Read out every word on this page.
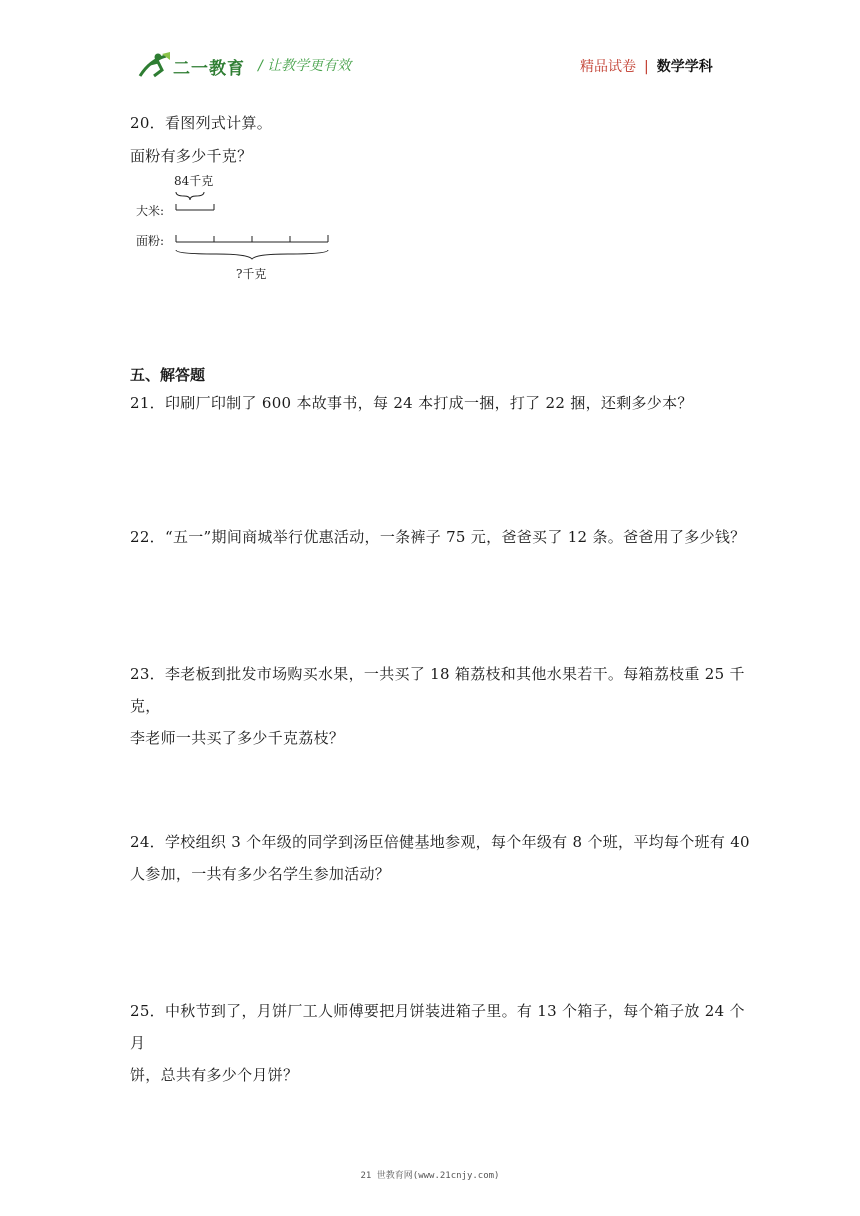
二一教育 / 让教学更有效	精品试卷 | 数学学科
20．看图列式计算。
面粉有多少千克？
84千克
大米:
面粉:
?千克
五、解答题
21．印刷厂印制了 600 本故事书，每 24 本打成一捆，打了 22 捆，还剩多少本？
22．“五一”期间商城举行优惠活动，一条裤子 75 元，爸爸买了 12 条。爸爸用了多少钱？
23．李老板到批发市场购买水果，一共买了 18 箱荔枝和其他水果若干。每箱荔枝重 25 千克，
李老师一共买了多少千克荔枝？
24．学校组织 3 个年级的同学到汤臣倍健基地参观，每个年级有 8 个班，平均每个班有 40
人参加，一共有多少名学生参加活动？
25．中秋节到了，月饼厂工人师傅要把月饼装进箱子里。有 13 个箱子，每个箱子放 24 个月
饼，总共有多少个月饼？
21 世教育网(www.21cnjy.com)
